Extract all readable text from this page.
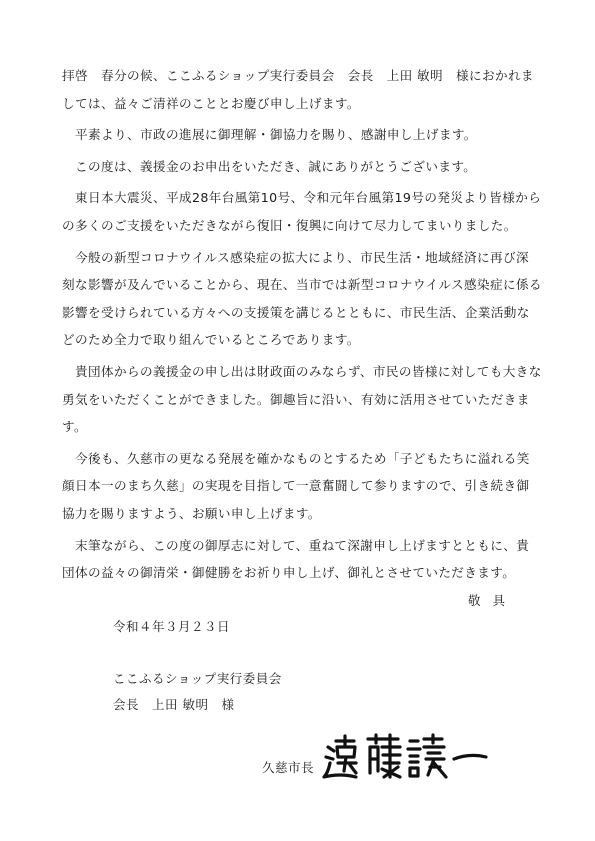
拝啓　春分の候、ここふるショップ実行委員会　会長　上田 敏明　様におかれましては、益々ご清祥のこととお慶び申し上げます。

平素より、市政の進展に御理解・御協力を賜り、感謝申し上げます。

この度は、義援金のお申出をいただき、誠にありがとうございます。

東日本大震災、平成28年台風第10号、令和元年台風第19号の発災より皆様からの多くのご支援をいただきながら復旧・復興に向けて尽力してまいりました。

今般の新型コロナウイルス感染症の拡大により、市民生活・地域経済に再び深刻な影響が及んでいることから、現在、当市では新型コロナウイルス感染症に係る影響を受けられている方々への支援策を講じるとともに、市民生活、企業活動などのため全力で取り組んでいるところであります。

貴団体からの義援金の申し出は財政面のみならず、市民の皆様に対しても大きな勇気をいただくことができました。御趣旨に沿い、有効に活用させていただきます。

今後も、久慈市の更なる発展を確かなものとするため「子どもたちに溢れる笑顔日本一のまち久慈」の実現を目指して一意奮闘して参りますので、引き続き御協力を賜りますよう、お願い申し上げます。

末筆ながら、この度の御厚志に対して、重ねて深謝申し上げますとともに、貴団体の益々の御清栄・御健勝をお祈り申し上げ、御礼とさせていただきます。

敬具
令和４年３月２３日
ここふるショップ実行委員会
会長　上田 敏明　様
久慈市長
